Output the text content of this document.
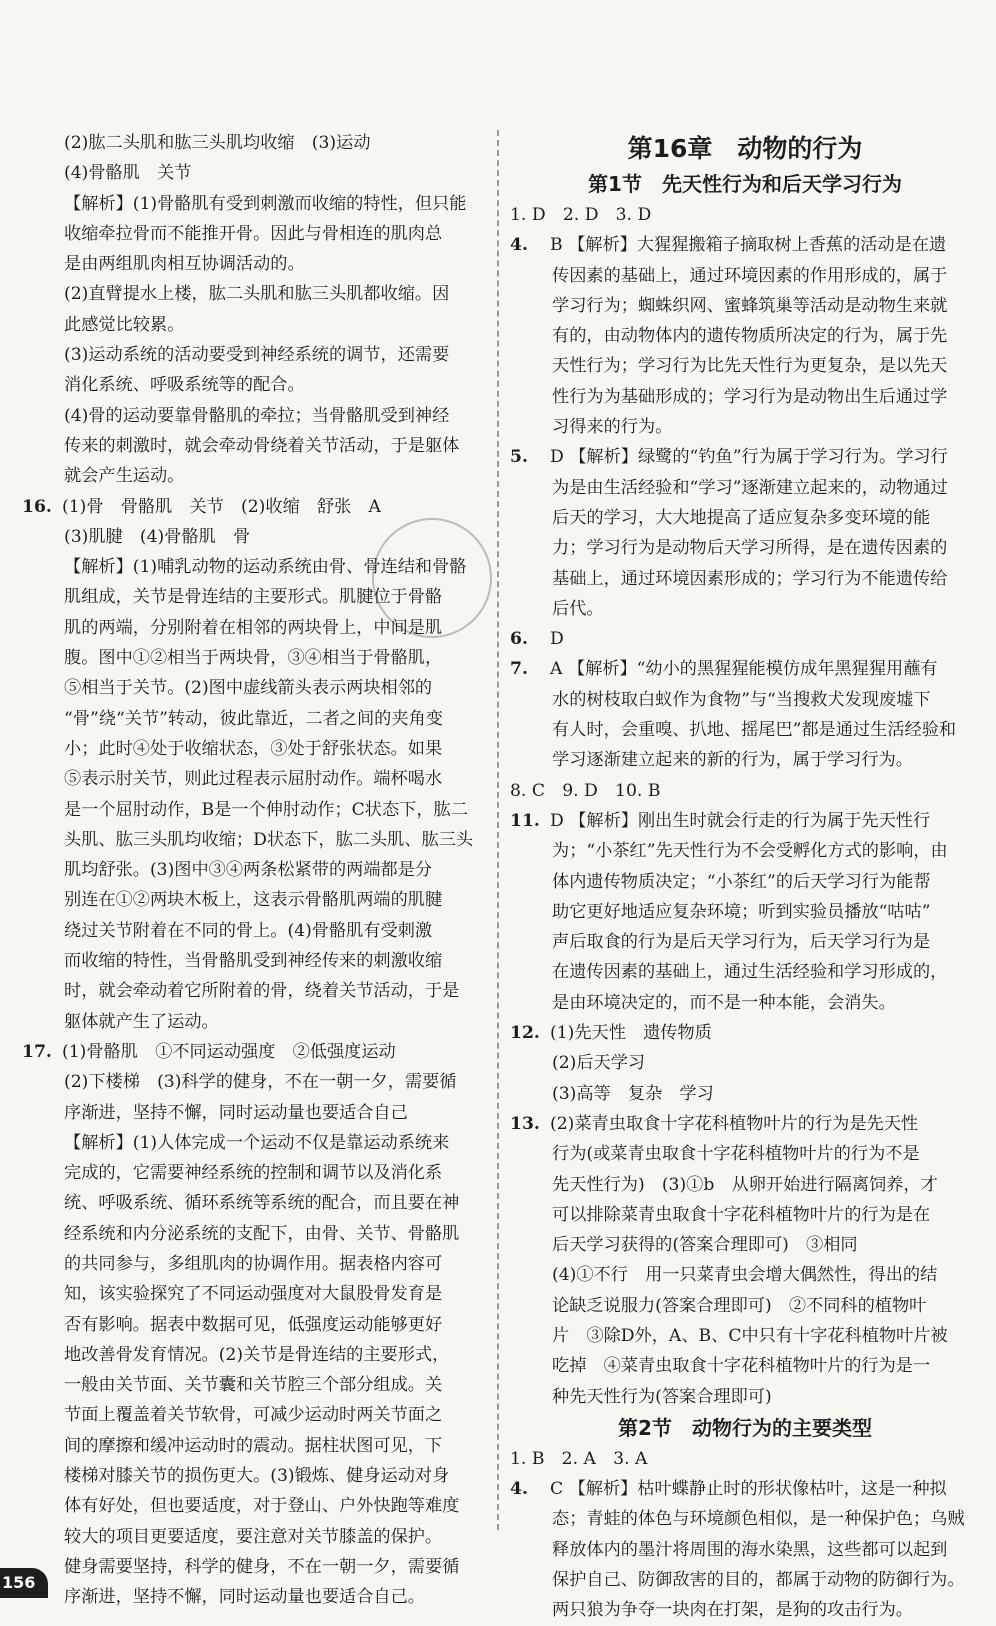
(2)肱二头肌和肱三头肌均收缩　(3)运动
(4)骨骼肌　关节
【解析】(1)骨骼肌有受到刺激而收缩的特性，但只能
收缩牵拉骨而不能推开骨。因此与骨相连的肌肉总
是由两组肌肉相互协调活动的。
(2)直臂提水上楼，肱二头肌和肱三头肌都收缩。因
此感觉比较累。
(3)运动系统的活动要受到神经系统的调节，还需要
消化系统、呼吸系统等的配合。
(4)骨的运动要靠骨骼肌的牵拉；当骨骼肌受到神经
传来的刺激时，就会牵动骨绕着关节活动，于是躯体
就会产生运动。
16. (1)骨　骨骼肌　关节　(2)收缩　舒张　A
(3)肌腱　(4)骨骼肌　骨
【解析】(1)哺乳动物的运动系统由骨、骨连结和骨骼
肌组成，关节是骨连结的主要形式。肌腱位于骨骼
肌的两端，分别附着在相邻的两块骨上，中间是肌
腹。图中①②相当于两块骨，③④相当于骨骼肌，
⑤相当于关节。(2)图中虚线箭头表示两块相邻的
“骨”绕“关节”转动，彼此靠近，二者之间的夹角变
小；此时④处于收缩状态，③处于舒张状态。如果
⑤表示肘关节，则此过程表示屈肘动作。端杯喝水
是一个屈肘动作，B是一个伸肘动作；C状态下，肱二
头肌、肱三头肌均收缩；D状态下，肱二头肌、肱三头
肌均舒张。(3)图中③④两条松紧带的两端都是分
别连在①②两块木板上，这表示骨骼肌两端的肌腱
绕过关节附着在不同的骨上。(4)骨骼肌有受刺激
而收缩的特性，当骨骼肌受到神经传来的刺激收缩
时，就会牵动着它所附着的骨，绕着关节活动，于是
躯体就产生了运动。
17. (1)骨骼肌　①不同运动强度　②低强度运动
(2)下楼梯　(3)科学的健身，不在一朝一夕，需要循
序渐进，坚持不懈，同时运动量也要适合自己
【解析】(1)人体完成一个运动不仅是靠运动系统来
完成的，它需要神经系统的控制和调节以及消化系
统、呼吸系统、循环系统等系统的配合，而且要在神
经系统和内分泌系统的支配下，由骨、关节、骨骼肌
的共同参与，多组肌肉的协调作用。据表格内容可
知，该实验探究了不同运动强度对大鼠股骨发育是
否有影响。据表中数据可见，低强度运动能够更好
地改善骨发育情况。(2)关节是骨连结的主要形式，
一般由关节面、关节囊和关节腔三个部分组成。关
节面上覆盖着关节软骨，可减少运动时两关节面之
间的摩擦和缓冲运动时的震动。据柱状图可见，下
楼梯对膝关节的损伤更大。(3)锻炼、健身运动对身
体有好处，但也要适度，对于登山、户外快跑等难度
较大的项目更要适度，要注意对关节膝盖的保护。
健身需要坚持，科学的健身，不在一朝一夕，需要循
序渐进，坚持不懈，同时运动量也要适合自己。
第16章　动物的行为
第1节　先天性行为和后天学习行为
1. D　2. D　3. D
4. B 【解析】大猩猩搬箱子摘取树上香蕉的活动是在遗
传因素的基础上，通过环境因素的作用形成的，属于
学习行为；蜘蛛织网、蜜蜂筑巢等活动是动物生来就
有的，由动物体内的遗传物质所决定的行为，属于先
天性行为；学习行为比先天性行为更复杂，是以先天
性行为为基础形成的；学习行为是动物出生后通过学
习得来的行为。
5. D 【解析】绿鹭的“钓鱼”行为属于学习行为。学习行
为是由生活经验和“学习”逐渐建立起来的，动物通过
后天的学习，大大地提高了适应复杂多变环境的能
力；学习行为是动物后天学习所得，是在遗传因素的
基础上，通过环境因素形成的；学习行为不能遗传给
后代。
6. D
7. A 【解析】“幼小的黑猩猩能模仿成年黑猩猩用蘸有
水的树枝取白蚁作为食物”与“当搜救犬发现废墟下
有人时，会重嗅、扒地、摇尾巴”都是通过生活经验和
学习逐渐建立起来的新的行为，属于学习行为。
8. C　9. D　10. B
11. D 【解析】刚出生时就会行走的行为属于先天性行
为；“小茶红”先天性行为不会受孵化方式的影响，由
体内遗传物质决定；“小茶红”的后天学习行为能帮
助它更好地适应复杂环境；听到实验员播放“咕咕”
声后取食的行为是后天学习行为，后天学习行为是
在遗传因素的基础上，通过生活经验和学习形成的，
是由环境决定的，而不是一种本能，会消失。
12. (1)先天性　遗传物质
(2)后天学习
(3)高等　复杂　学习
13. (2)菜青虫取食十字花科植物叶片的行为是先天性
行为(或菜青虫取食十字花科植物叶片的行为不是
先天性行为)　(3)①b　从卵开始进行隔离饲养，才
可以排除菜青虫取食十字花科植物叶片的行为是在
后天学习获得的(答案合理即可)　③相同
(4)①不行　用一只菜青虫会增大偶然性，得出的结
论缺乏说服力(答案合理即可)　②不同科的植物叶
片　③除D外，A、B、C中只有十字花科植物叶片被
吃掉　④菜青虫取食十字花科植物叶片的行为是一
种先天性行为(答案合理即可)
第2节　动物行为的主要类型
1. B　2. A　3. A
4. C 【解析】枯叶蝶静止时的形状像枯叶，这是一种拟
态；青蛙的体色与环境颜色相似，是一种保护色；乌贼
释放体内的墨汁将周围的海水染黑，这些都可以起到
保护自己、防御敌害的目的，都属于动物的防御行为。
两只狼为争夺一块肉在打架，是狗的攻击行为。
156
